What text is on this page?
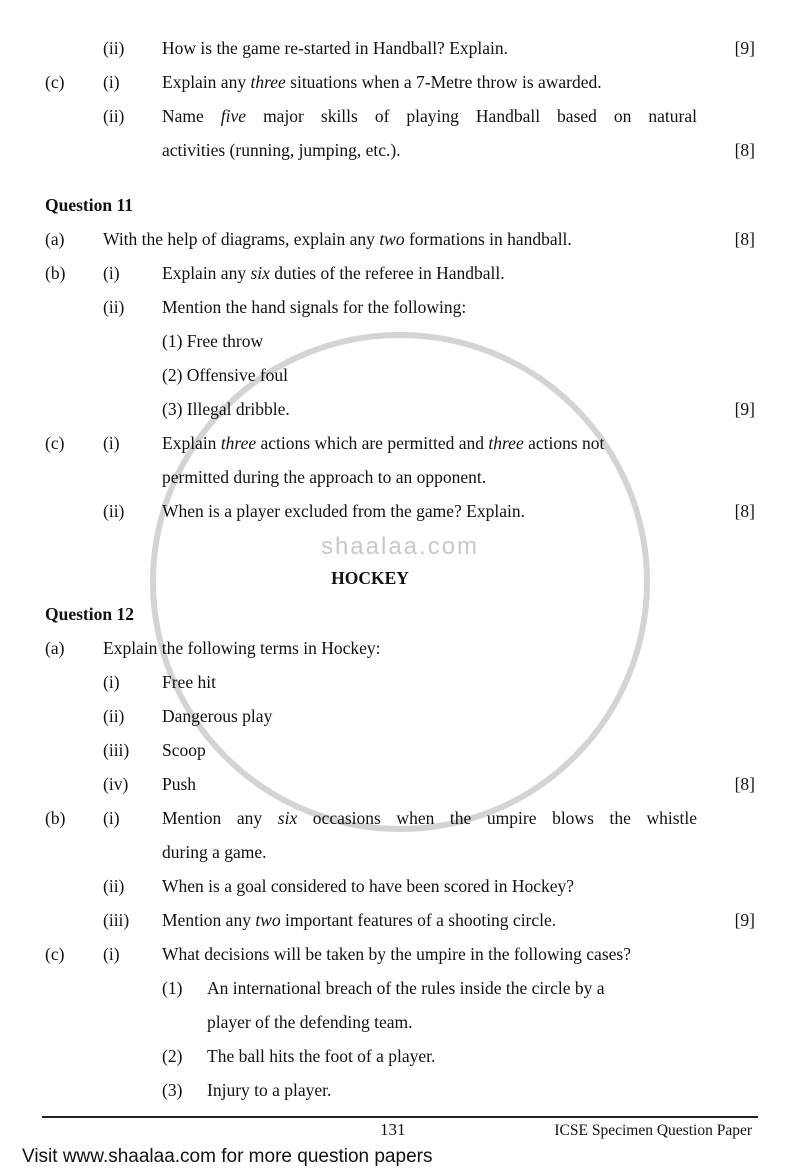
shaalaa.com
(ii) How is the game re-started in Handball? Explain.	[9]
(c) (i) Explain any three situations when a 7-Metre throw is awarded.
(ii) Name five major skills of playing Handball based on natural
activities (running, jumping, etc.).	[8]
Question 11
(a) With the help of diagrams, explain any two formations in handball.	[8]
(b) (i) Explain any six duties of the referee in Handball.
(ii) Mention the hand signals for the following:
(1) Free throw
(2) Offensive foul
(3) Illegal dribble.	[9]
(c) (i) Explain three actions which are permitted and three actions not
permitted during the approach to an opponent.
(ii) When is a player excluded from the game? Explain.	[8]
HOCKEY
Question 12
(a) Explain the following terms in Hockey:
(i) Free hit
(ii) Dangerous play
(iii) Scoop
(iv) Push	[8]
(b) (i) Mention any six occasions when the umpire blows the whistle
during a game.
(ii) When is a goal considered to have been scored in Hockey?
(iii) Mention any two important features of a shooting circle.	[9]
(c) (i) What decisions will be taken by the umpire in the following cases?
(1) An international breach of the rules inside the circle by a
player of the defending team.
(2) The ball hits the foot of a player.
(3) Injury to a player.
131	ICSE Specimen Question Paper
Visit www.shaalaa.com for more question papers
